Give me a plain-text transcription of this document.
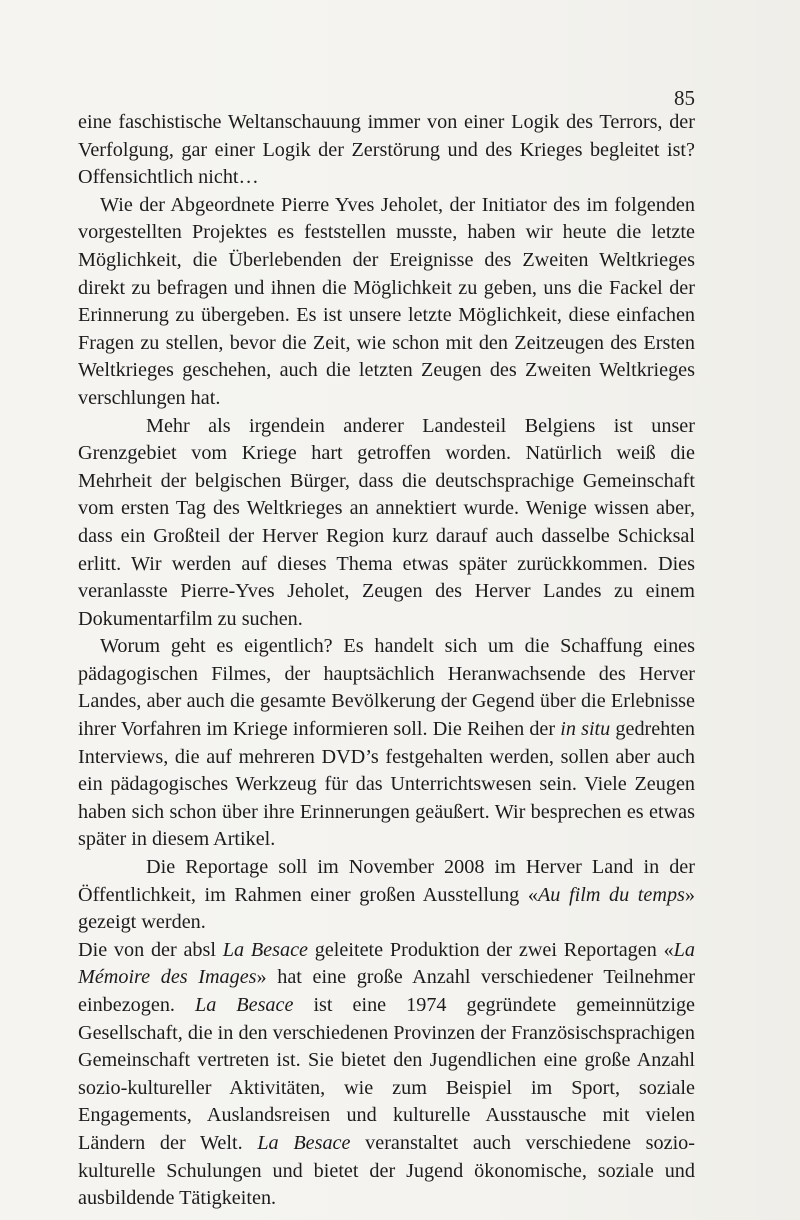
85

eine faschistische Weltanschauung immer von einer Logik des Terrors, der Verfolgung, gar einer Logik der Zerstörung und des Krieges begleitet ist? Offensichtlich nicht…

Wie der Abgeordnete Pierre Yves Jeholet, der Initiator des im folgenden vorgestellten Projektes es feststellen musste, haben wir heute die letzte Möglichkeit, die Überlebenden der Ereignisse des Zweiten Weltkrieges direkt zu befragen und ihnen die Möglichkeit zu geben, uns die Fackel der Erinnerung zu übergeben. Es ist unsere letzte Möglichkeit, diese einfachen Fragen zu stellen, bevor die Zeit, wie schon mit den Zeitzeugen des Ersten Weltkrieges geschehen, auch die letzten Zeugen des Zweiten Weltkrieges verschlungen hat.

Mehr als irgendein anderer Landesteil Belgiens ist unser Grenzgebiet vom Kriege hart getroffen worden. Natürlich weiß die Mehrheit der belgischen Bürger, dass die deutschsprachige Gemeinschaft vom ersten Tag des Weltkrieges an annektiert wurde. Wenige wissen aber, dass ein Großteil der Herver Region kurz darauf auch dasselbe Schicksal erlitt. Wir werden auf dieses Thema etwas später zurückkommen. Dies veranlasste Pierre-Yves Jeholet, Zeugen des Herver Landes zu einem Dokumentarfilm zu suchen.

Worum geht es eigentlich? Es handelt sich um die Schaffung eines pädagogischen Filmes, der hauptsächlich Heranwachsende des Herver Landes, aber auch die gesamte Bevölkerung der Gegend über die Erlebnisse ihrer Vorfahren im Kriege informieren soll. Die Reihen der in situ gedrehten Interviews, die auf mehreren DVD’s festgehalten werden, sollen aber auch ein pädagogisches Werkzeug für das Unterrichtswesen sein. Viele Zeugen haben sich schon über ihre Erinnerungen geäußert. Wir besprechen es etwas später in diesem Artikel.

Die Reportage soll im November 2008 im Herver Land in der Öffentlichkeit, im Rahmen einer großen Ausstellung «Au film du temps» gezeigt werden.

Die von der absl La Besace geleitete Produktion der zwei Reportagen «La Mémoire des Images» hat eine große Anzahl verschiedener Teilnehmer einbezogen. La Besace ist eine 1974 gegründete gemeinnützige Gesellschaft, die in den verschiedenen Provinzen der Französischsprachigen Gemeinschaft vertreten ist. Sie bietet den Jugendlichen eine große Anzahl sozio-kultureller Aktivitäten, wie zum Beispiel im Sport, soziale Engagements, Auslandsreisen und kulturelle Ausstausche mit vielen Ländern der Welt. La Besace veranstaltet auch verschiedene sozio-kulturelle Schulungen und bietet der Jugend ökonomische, soziale und ausbildende Tätigkeiten.
